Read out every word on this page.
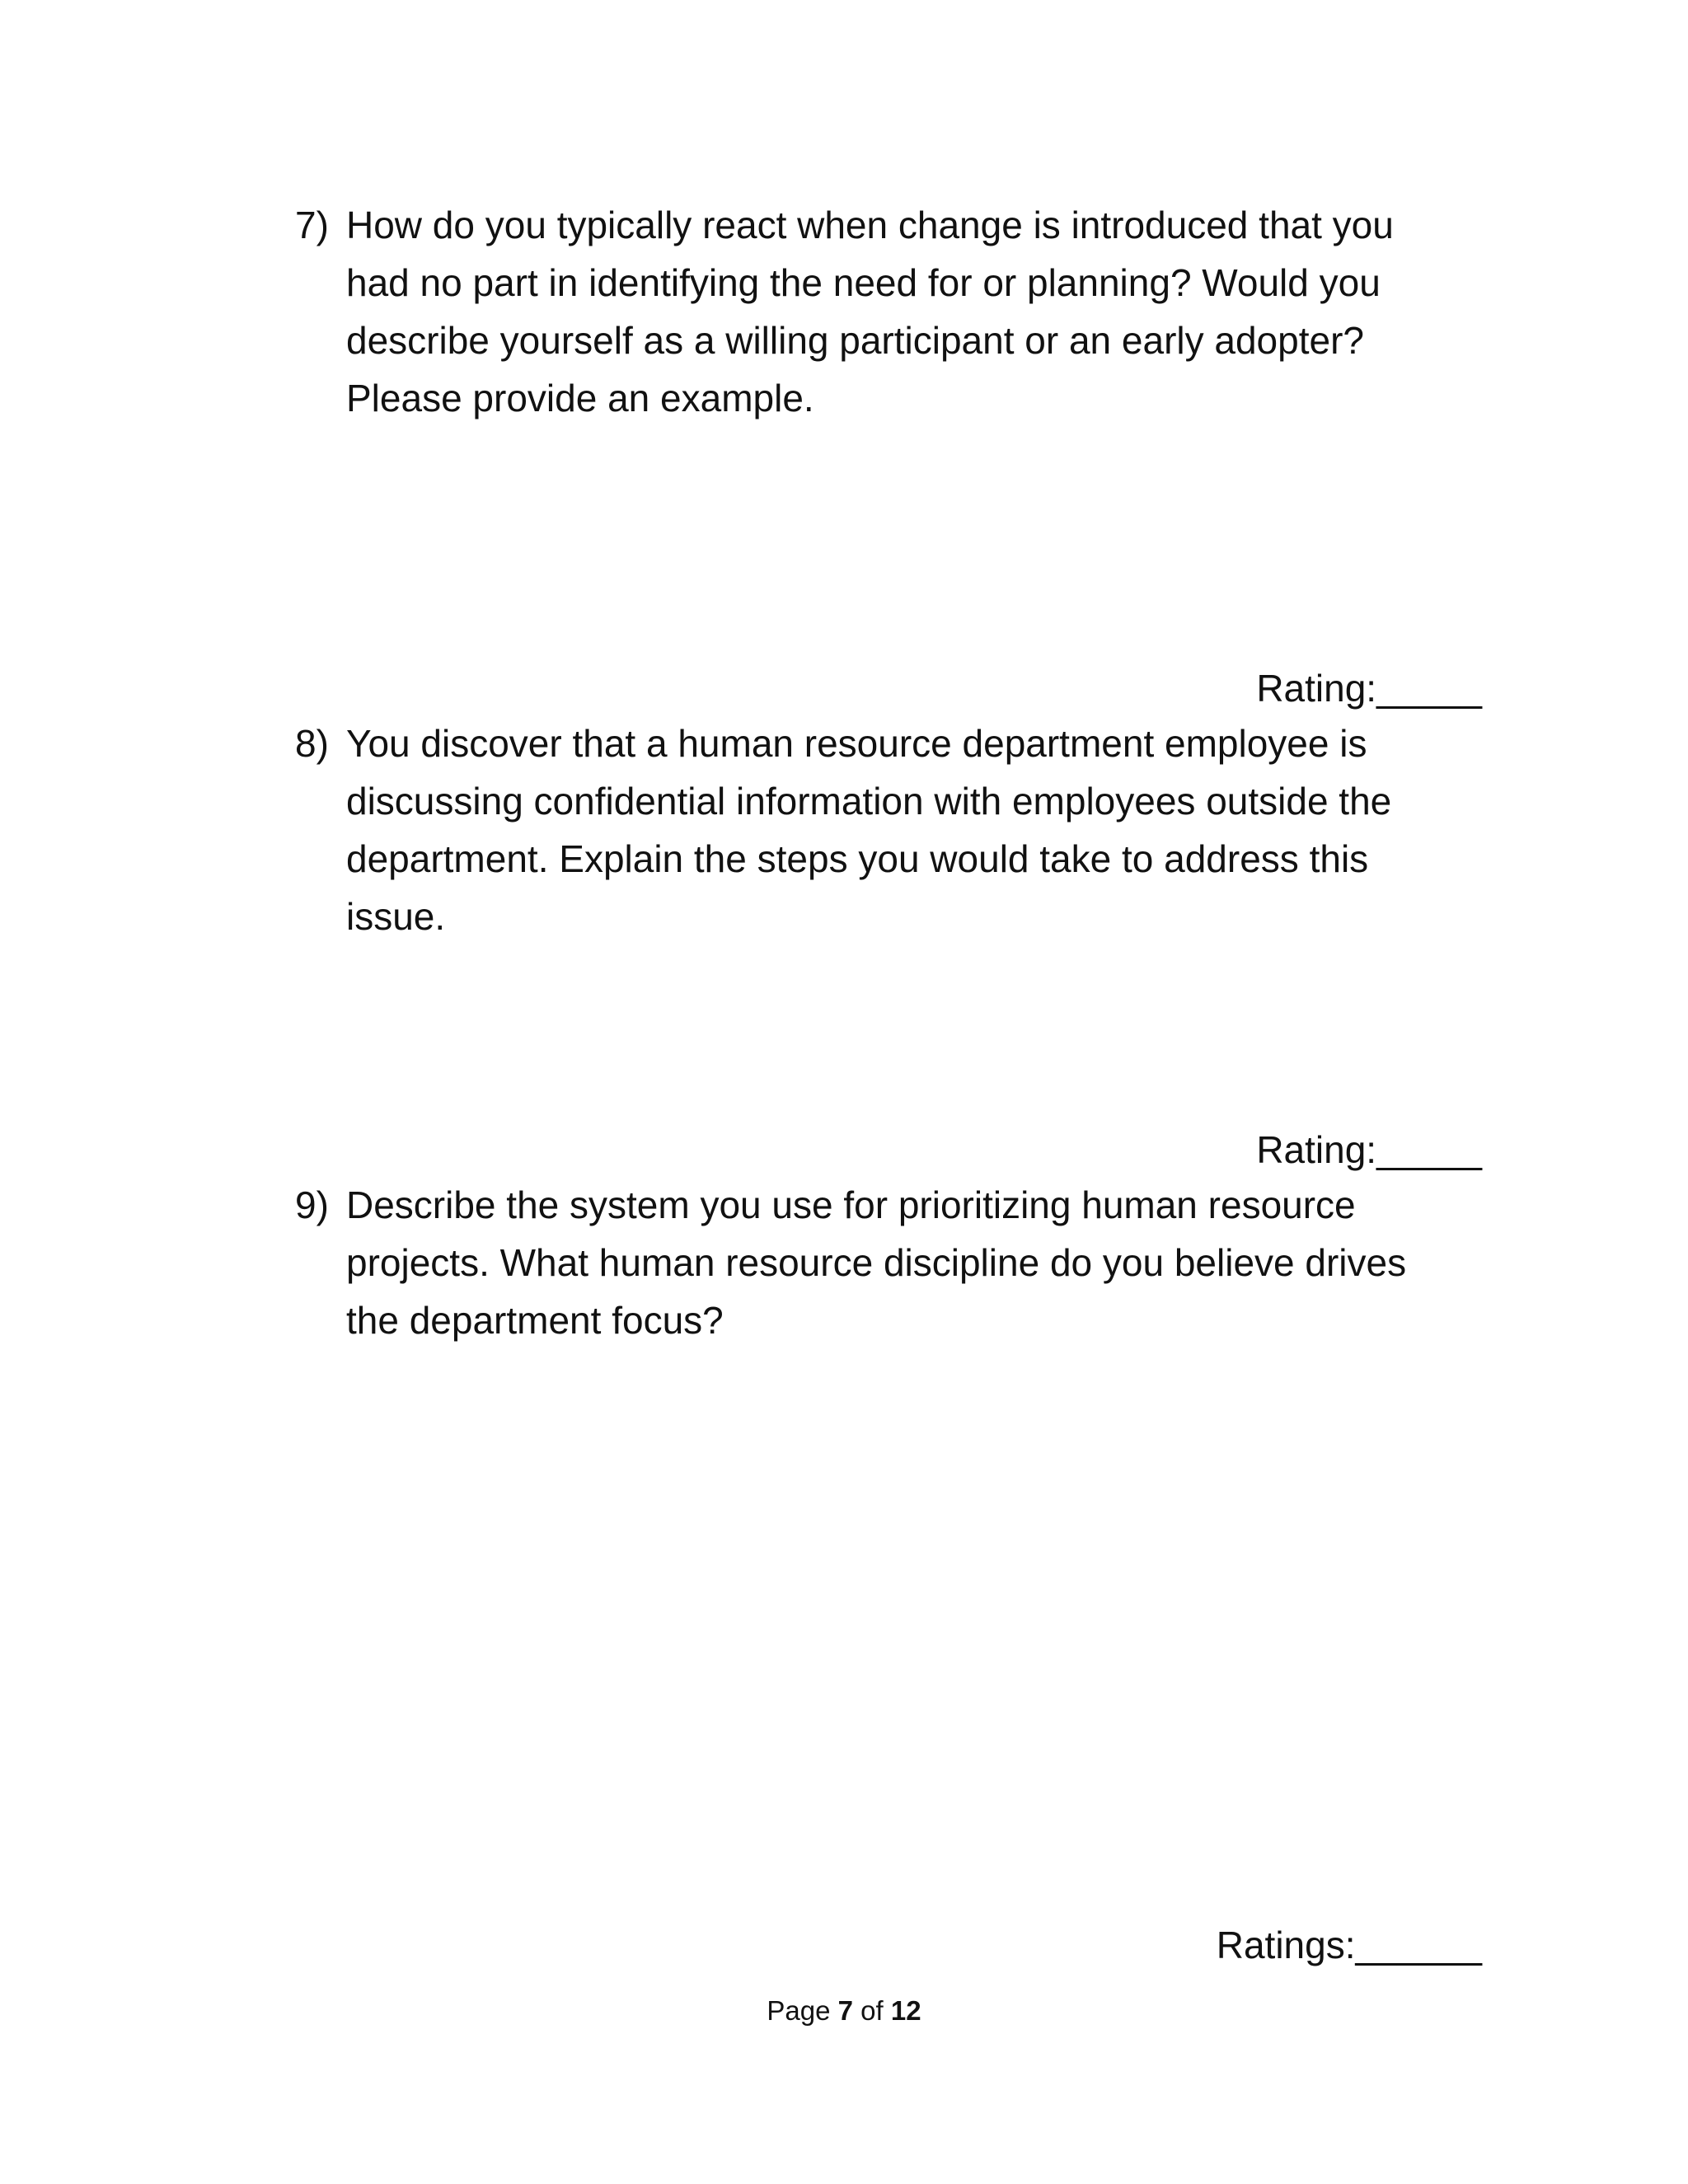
7) How do you typically react when change is introduced that you
had no part in identifying the need for or planning? Would you
describe yourself as a willing participant or an early adopter?
Please provide an example.
Rating:_____
8) You discover that a human resource department employee is
discussing confidential information with employees outside the
department. Explain the steps you would take to address this
issue.
Rating:_____
9) Describe the system you use for prioritizing human resource
projects. What human resource discipline do you believe drives
the department focus?
Ratings:______
Page 7 of 12
